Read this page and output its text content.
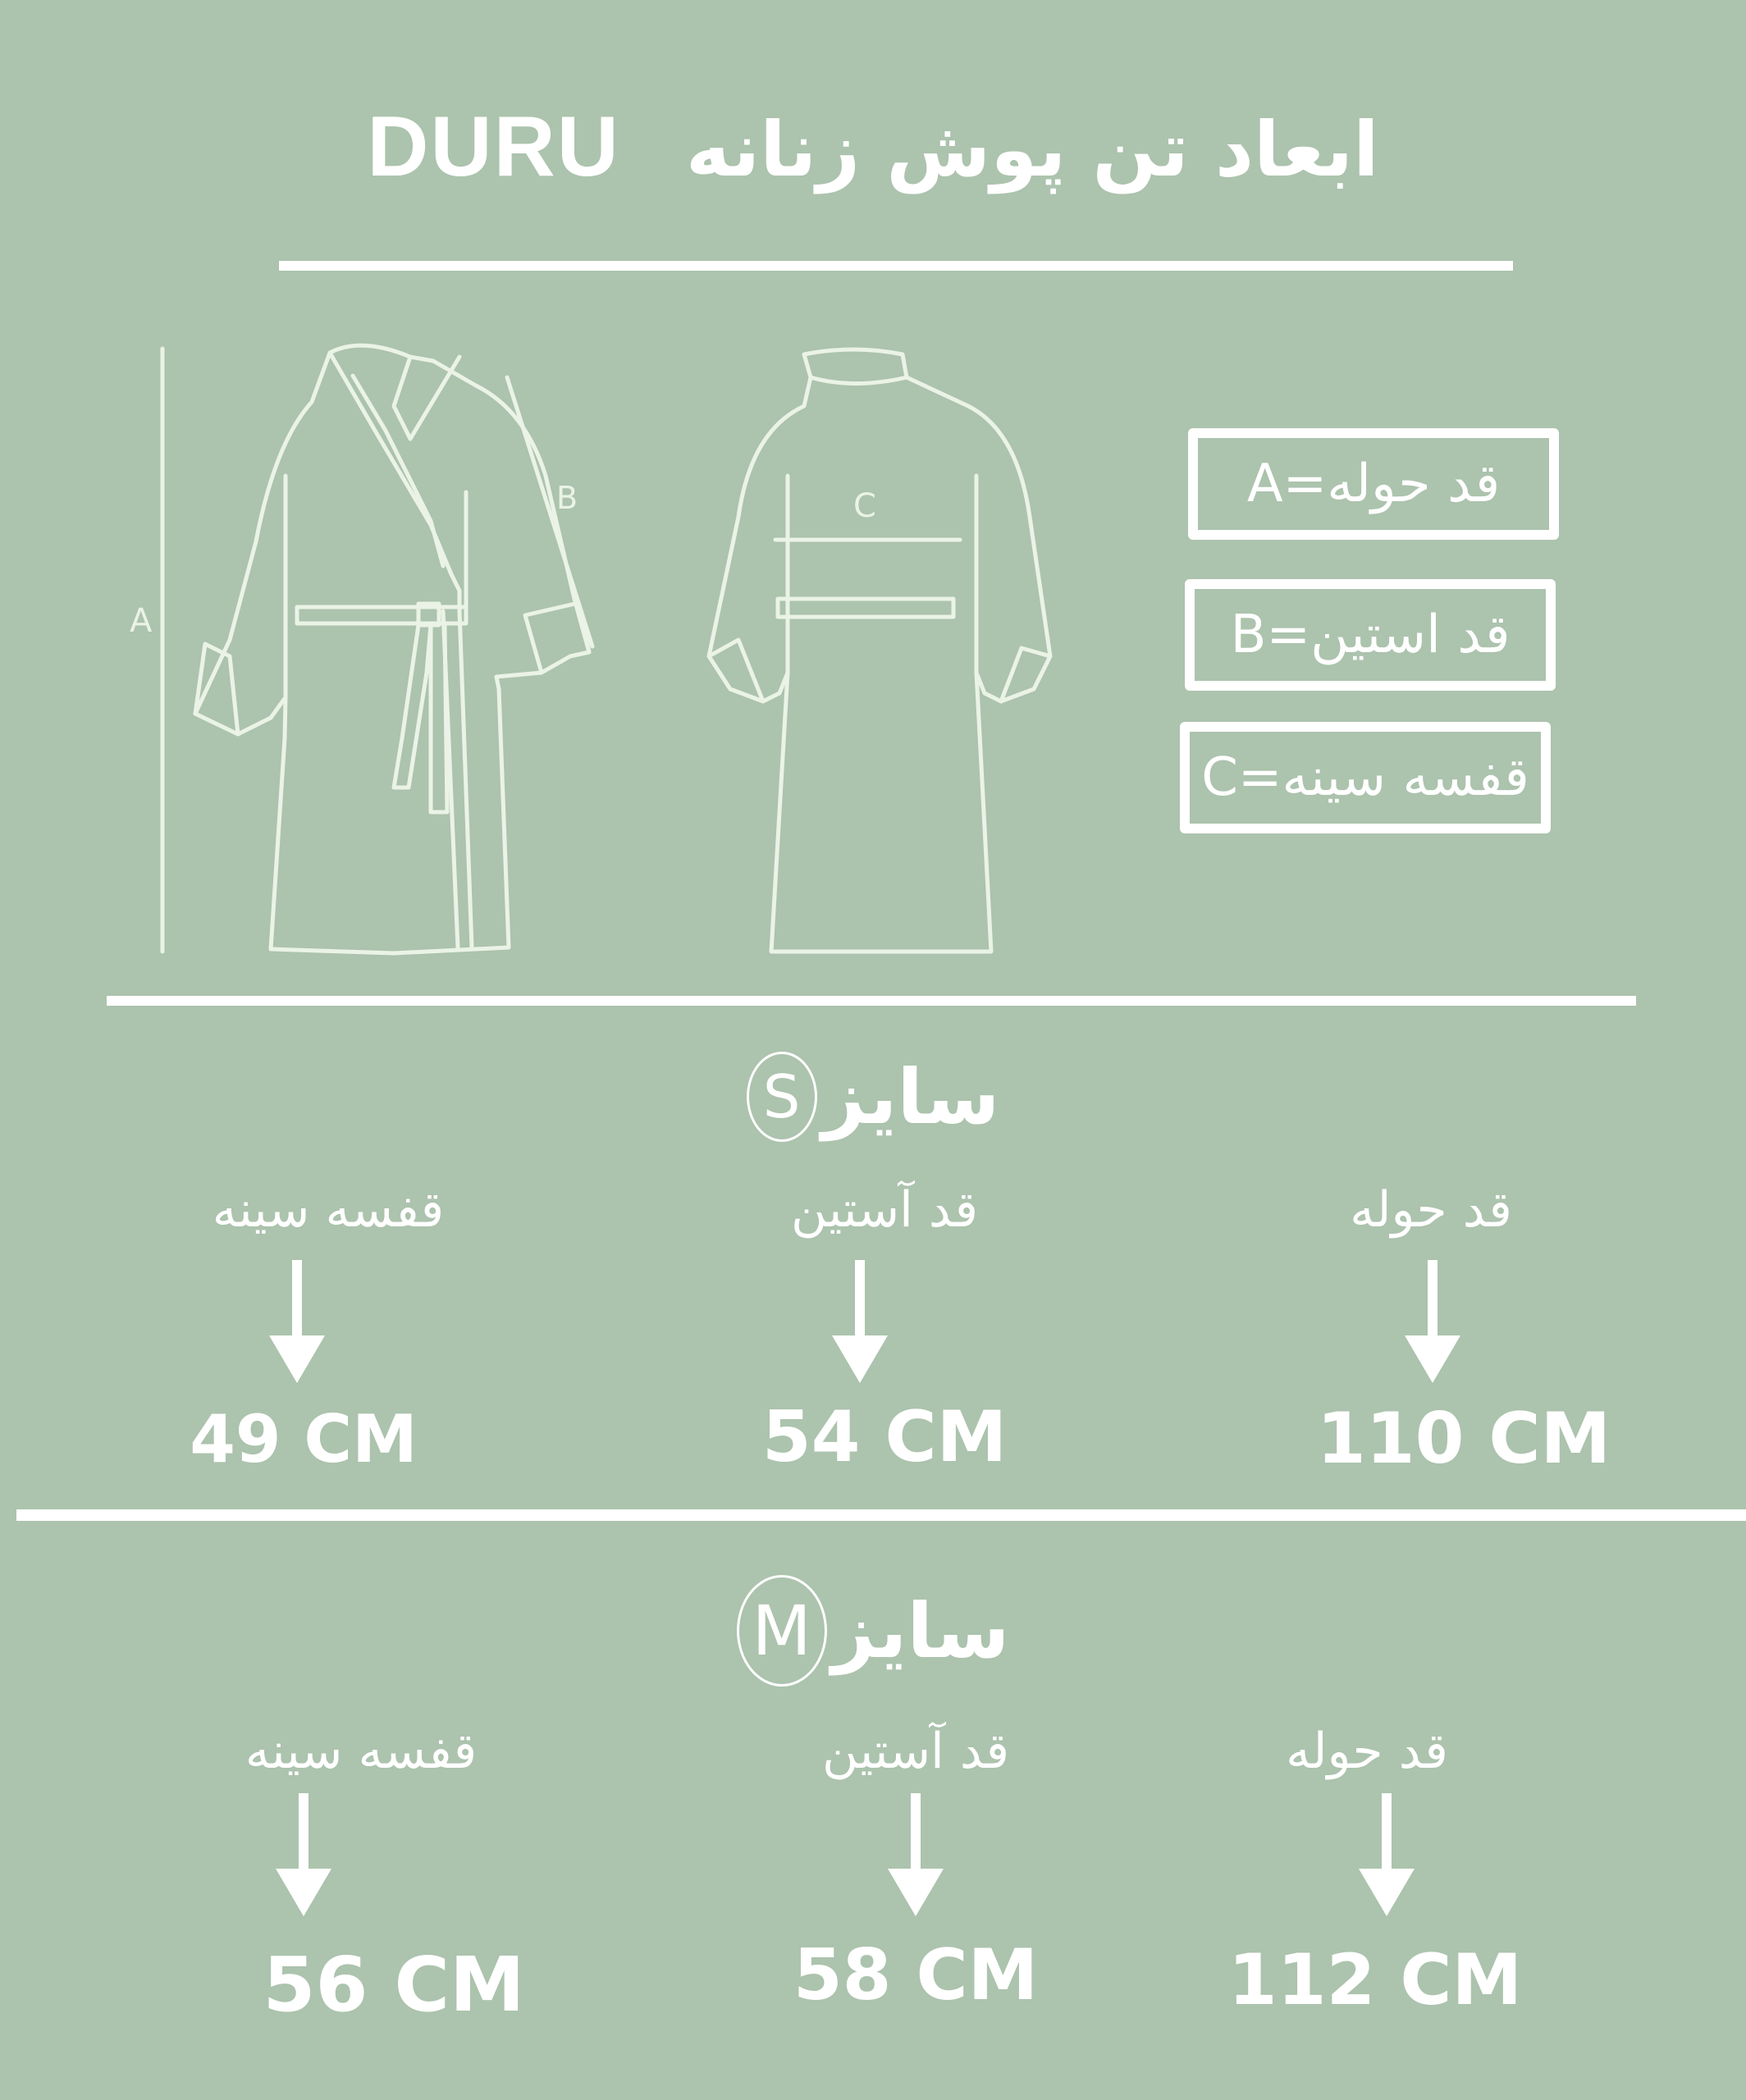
DURU ابعاد تن پوش زنانه
A
B	C	قد حوله=A
قد استین=B
قفسه سینه=C
S سایز
قفسه سینه
49 CM
قد آستین
54 CM
قد حوله
110 CM
M سایز
قفسه سینه
56 CM
قد آستین
58 CM
قد حوله
112 CM
